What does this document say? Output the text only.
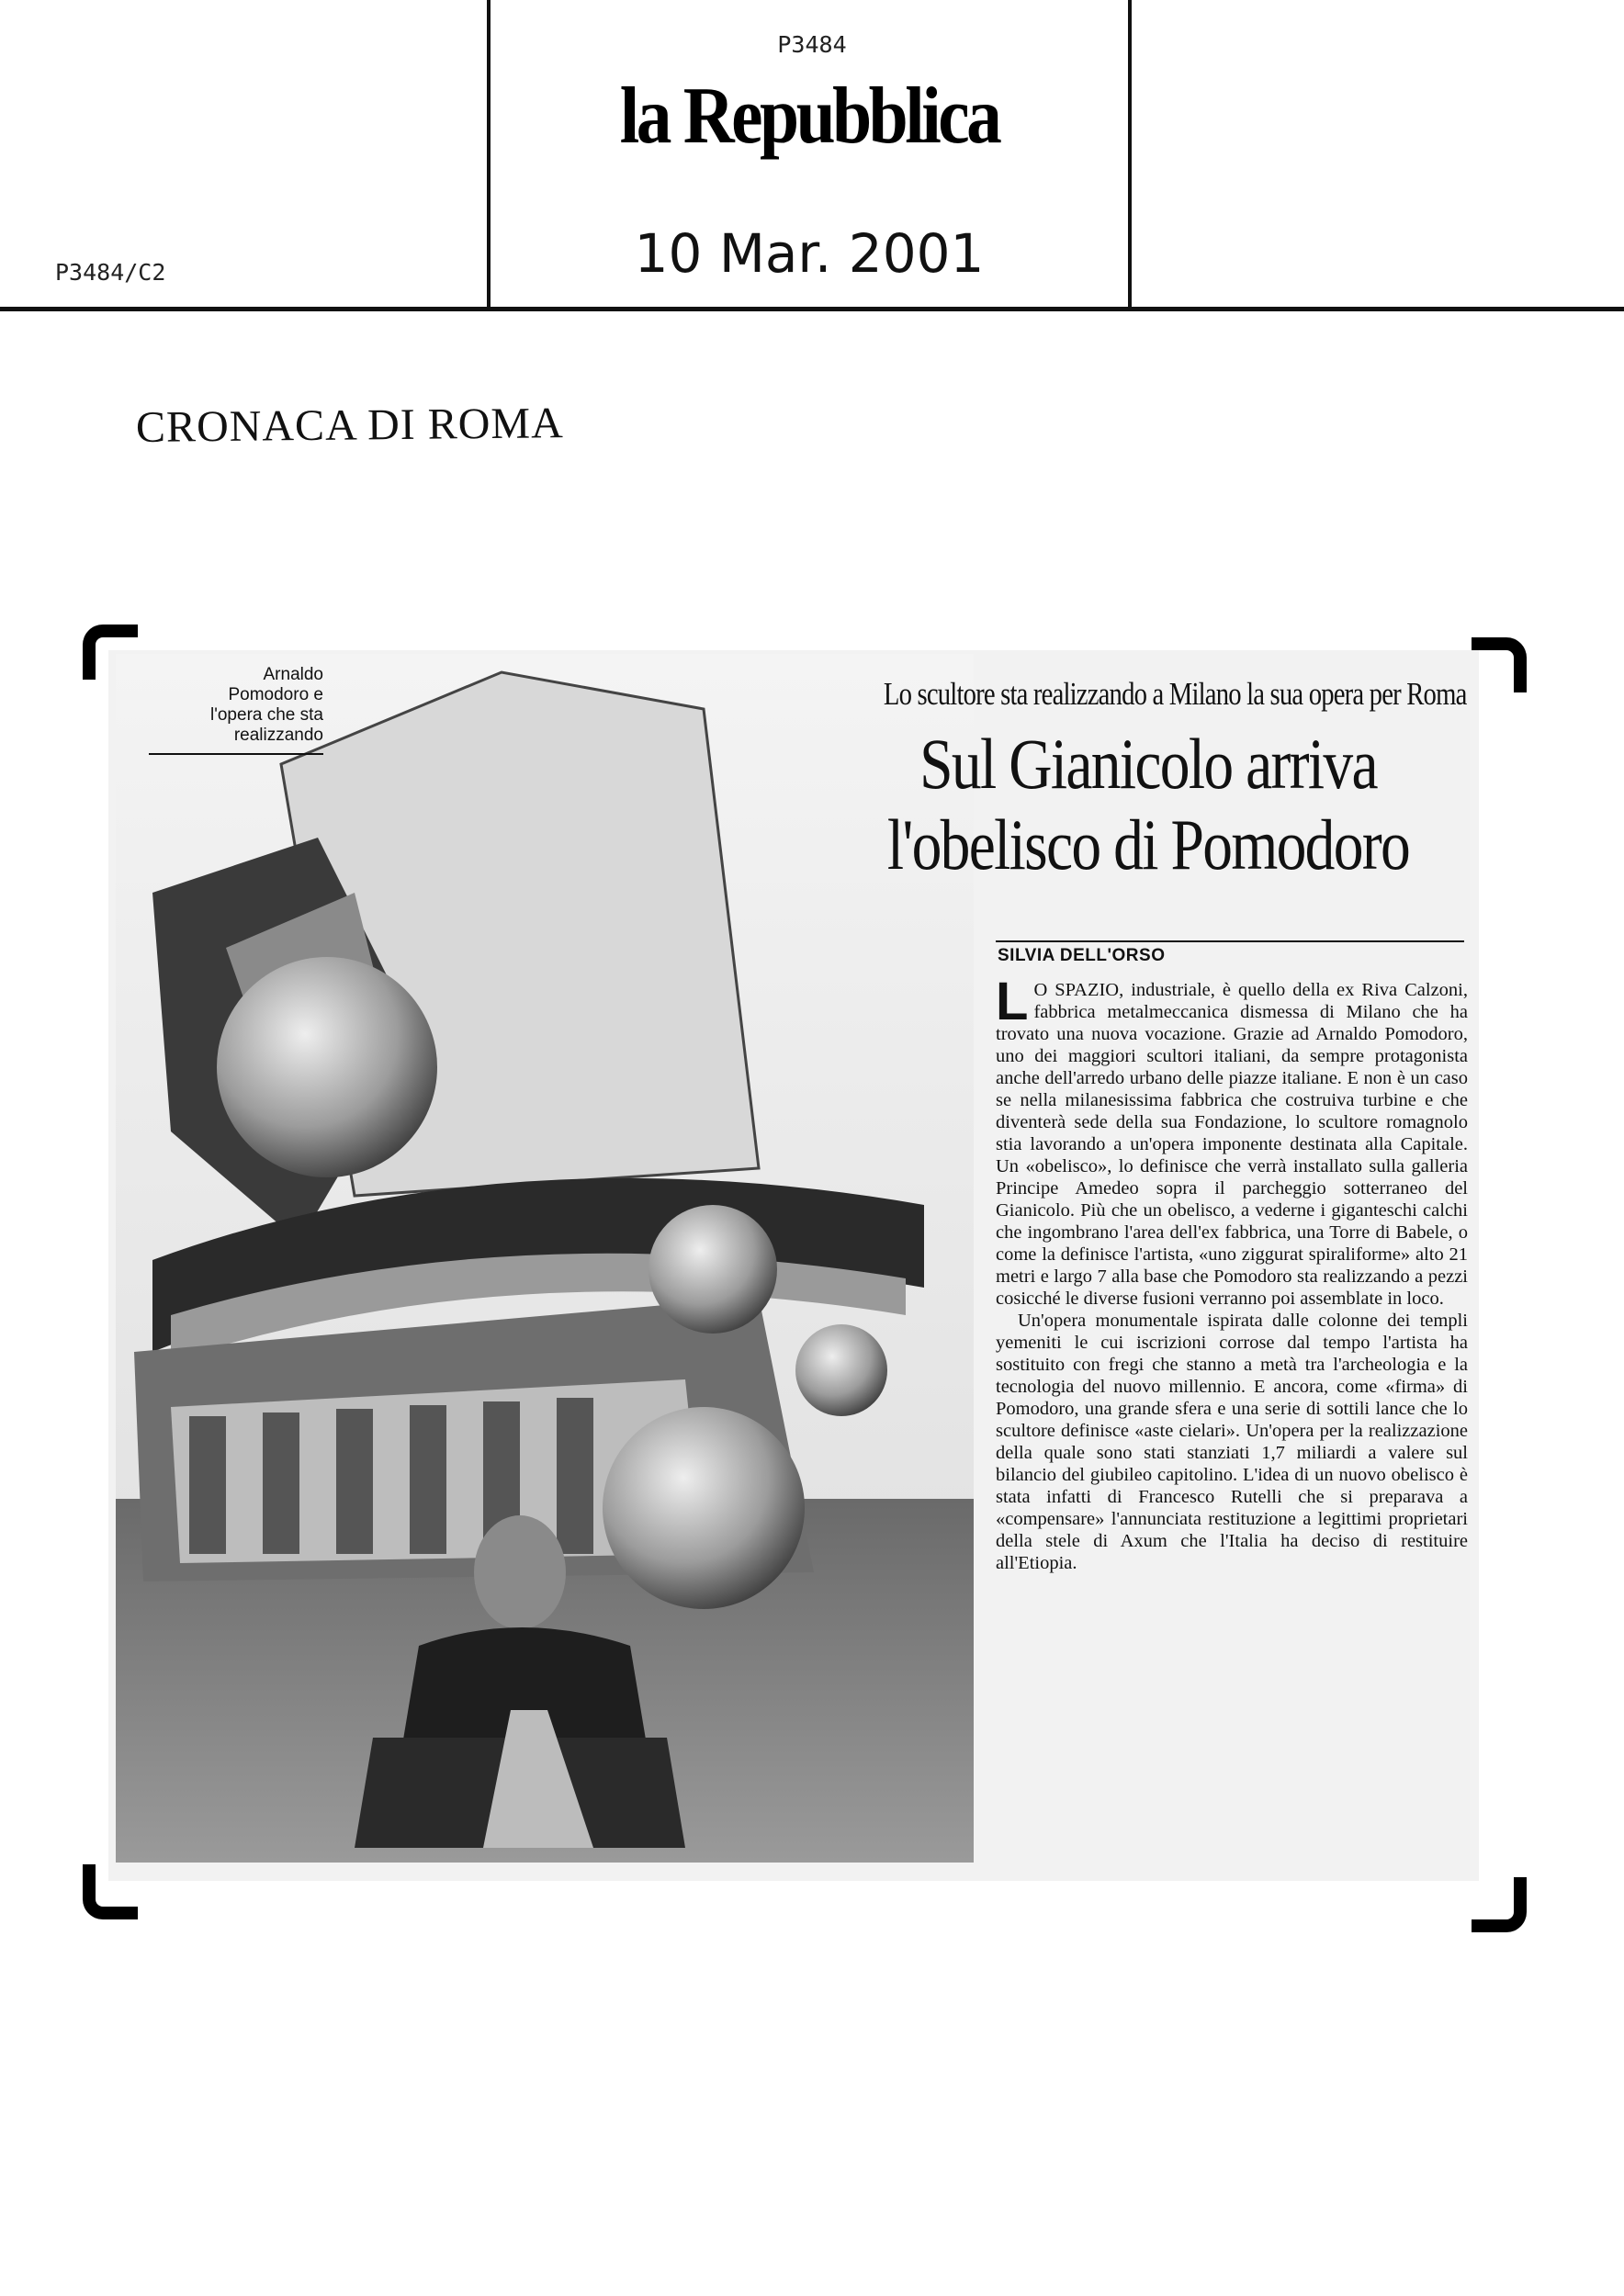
P3484
la Repubblica
10 Mar. 2001
P3484/C2
CRONACA DI ROMA
Arnaldo
Pomodoro e
l'opera che sta
realizzando
Lo scultore sta realizzando a Milano la sua opera per Roma
Sul Gianicolo arriva
l'obelisco di Pomodoro
SILVIA DELL'ORSO

L O SPAZIO, industriale, è quello della ex Riva Calzoni, fabbrica metalmeccanica dismessa di Milano che ha trovato una nuova vocazione. Grazie ad Arnaldo Pomodoro, uno dei maggiori scultori italiani, da sempre protagonista anche dell'arredo urbano delle piazze italiane. E non è un caso se nella milanesissima fabbrica che costruiva turbine e che diventerà sede della sua Fondazione, lo scultore romagnolo stia lavorando a un'opera imponente destinata alla Capitale. Un «obelisco», lo definisce che verrà installato sulla galleria Principe Amedeo sopra il parcheggio sotterraneo del Gianicolo. Più che un obelisco, a vederne i giganteschi calchi che ingombrano l'area dell'ex fabbrica, una Torre di Babele, o come la definisce l'artista, «uno ziggurat spiraliforme» alto 21 metri e largo 7 alla base che Pomodoro sta realizzando a pezzi cosicché le diverse fusioni verranno poi assemblate in loco.

Un'opera monumentale ispirata dalle colonne dei templi yemeniti le cui iscrizioni corrose dal tempo l'artista ha sostituito con fregi che stanno a metà tra l'archeologia e la tecnologia del nuovo millennio. E ancora, come «firma» di Pomodoro, una grande sfera e una serie di sottili lance che lo scultore definisce «aste cielari». Un'opera per la realizzazione della quale sono stati stanziati 1,7 miliardi a valere sul bilancio del giubileo capitolino. L'idea di un nuovo obelisco è stata infatti di Francesco Rutelli che si preparava a «compensare» l'annunciata restituzione a legittimi proprietari della stele di Axum che l'Italia ha deciso di restituire all'Etiopia.
